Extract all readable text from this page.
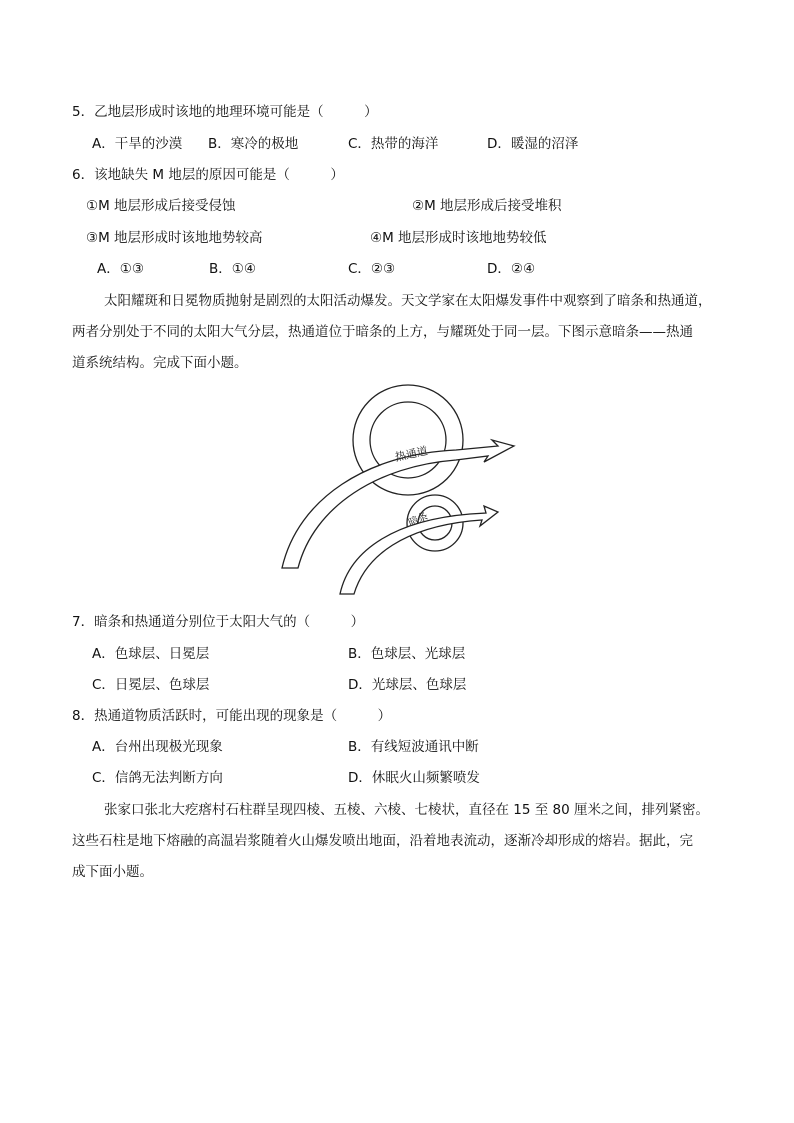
5．乙地层形成时该地的地理环境可能是（　　　）
A．干旱的沙漠 B．寒冷的极地	C．热带的海洋	D．暖湿的沼泽
6．该地缺失 M 地层的原因可能是（　　　）
①M 地层形成后接受侵蚀	②M 地层形成后接受堆积
③M 地层形成时该地地势较高	④M 地层形成时该地地势较低
A．①③	B．①④	C．②③	D．②④
太阳耀斑和日冕物质抛射是剧烈的太阳活动爆发。天文学家在太阳爆发事件中观察到了暗条和热通道，
两者分别处于不同的太阳大气分层，热通道位于暗条的上方，与耀斑处于同一层。下图示意暗条——热通
道系统结构。完成下面小题。
热通道
暗条
7．暗条和热通道分别位于太阳大气的（　　　）
A．色球层、日冕层	B．色球层、光球层
C．日冕层、色球层	D．光球层、色球层
8．热通道物质活跃时，可能出现的现象是（　　　）
A．台州出现极光现象	B．有线短波通讯中断
C．信鸽无法判断方向	D．休眠火山频繁喷发
张家口张北大疙瘩村石柱群呈现四棱、五棱、六棱、七棱状，直径在 15 至 80 厘米之间，排列紧密。
这些石柱是地下熔融的高温岩浆随着火山爆发喷出地面，沿着地表流动，逐渐冷却形成的熔岩。据此，完
成下面小题。
